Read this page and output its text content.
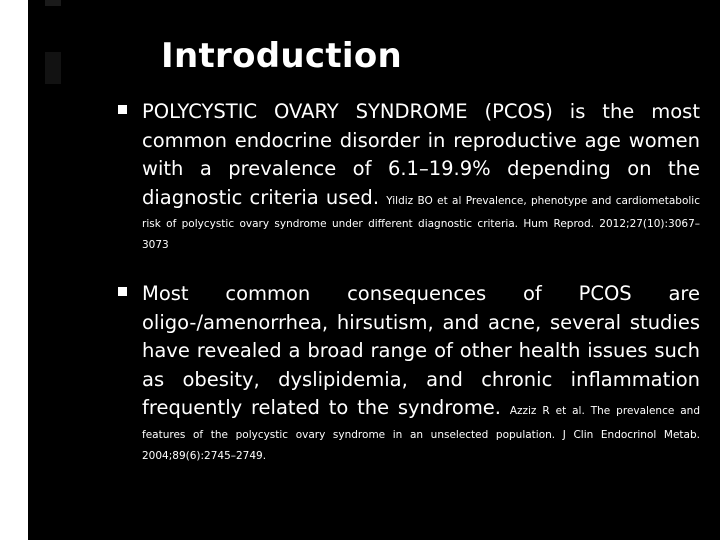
Introduction
POLYCYSTIC OVARY SYNDROME (PCOS) is the most common endocrine disorder in reproductive age women with a prevalence of 6.1–19.9% depending on the diagnostic criteria used. Yildiz BO et al Prevalence, phenotype and cardiometabolic risk of polycystic ovary syndrome under different diagnostic criteria. Hum Reprod. 2012;27(10):3067–3073
Most common consequences of PCOS are oligo-/amenorrhea, hirsutism, and acne, several studies have revealed a broad range of other health issues such as obesity, dyslipidemia, and chronic inflammation frequently related to the syndrome. Azziz R et al. The prevalence and features of the polycystic ovary syndrome in an unselected population. J Clin Endocrinol Metab. 2004;89(6):2745–2749.
